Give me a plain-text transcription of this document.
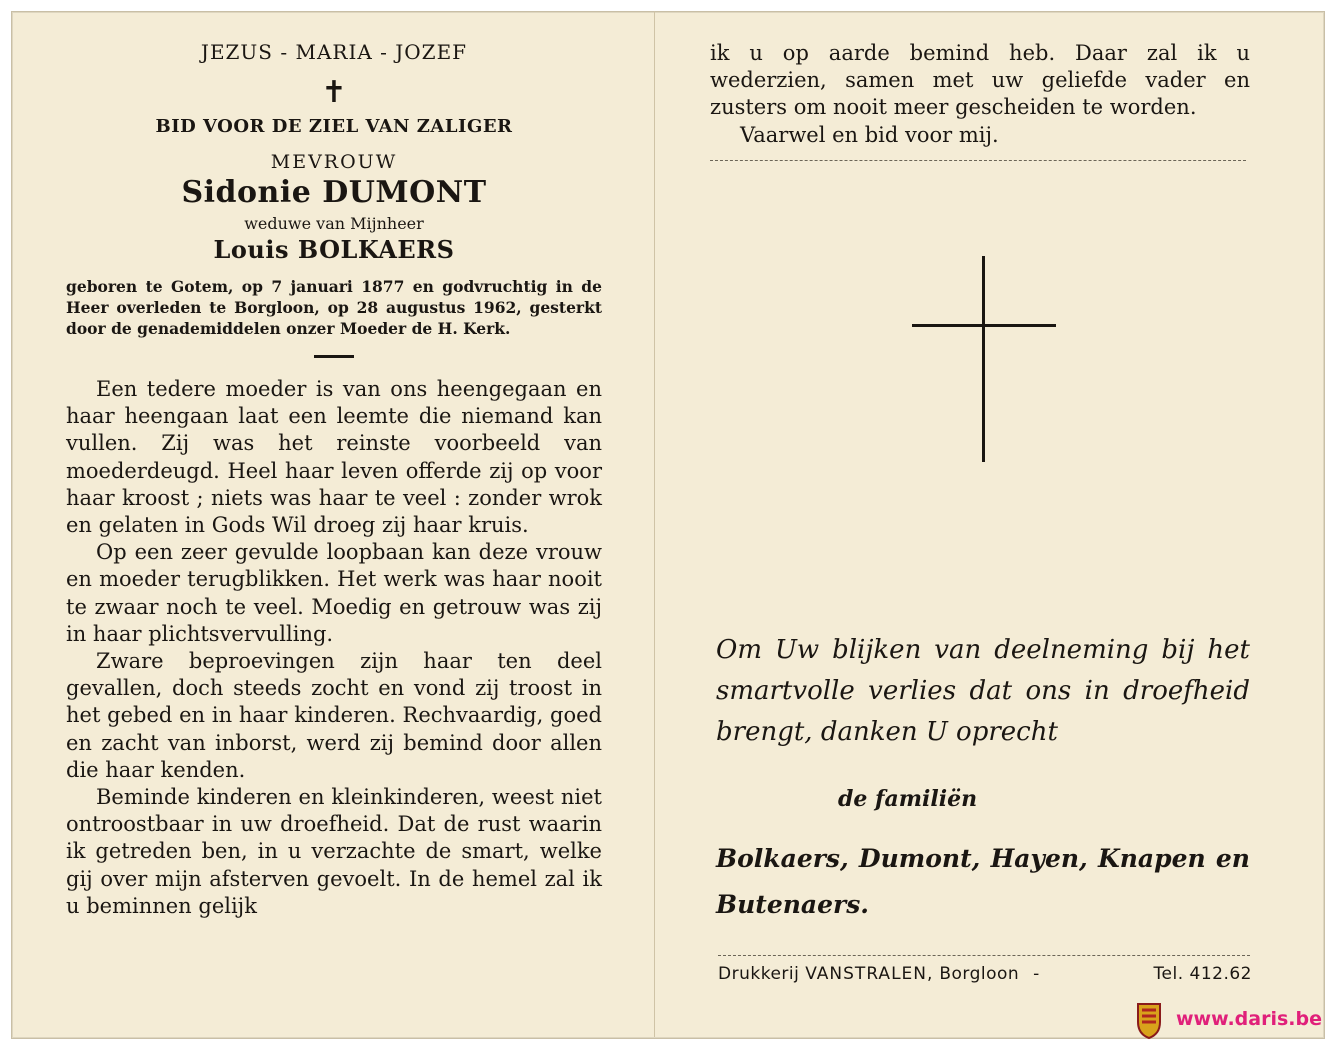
JEZUS - MARIA - JOZEF
✝
BID VOOR DE ZIEL VAN ZALIGER
MEVROUW
Sidonie DUMONT
weduwe van Mijnheer
Louis BOLKAERS
geboren te Gotem, op 7 januari 1877 en godvruchtig in de Heer overleden te Borgloon, op 28 augustus 1962, gesterkt door de genademiddelen onzer Moeder de H. Kerk.

Een tedere moeder is van ons heengegaan en haar heengaan laat een leemte die niemand kan vullen. Zij was het reinste voorbeeld van moederdeugd. Heel haar leven offerde zij op voor haar kroost ; niets was haar te veel : zonder wrok en gelaten in Gods Wil droeg zij haar kruis.

Op een zeer gevulde loopbaan kan deze vrouw en moeder terugblikken. Het werk was haar nooit te zwaar noch te veel. Moedig en getrouw was zij in haar plichtsvervulling.

Zware beproevingen zijn haar ten deel gevallen, doch steeds zocht en vond zij troost in het gebed en in haar kinderen. Rechvaardig, goed en zacht van inborst, werd zij bemind door allen die haar kenden.

Beminde kinderen en kleinkinderen, weest niet ontroostbaar in uw droefheid. Dat de rust waarin ik getreden ben, in u verzachte de smart, welke gij over mijn afsterven gevoelt. In de hemel zal ik u beminnen gelijk

ik u op aarde bemind heb. Daar zal ik u wederzien, samen met uw geliefde vader en zusters om nooit meer gescheiden te worden.

Vaarwel en bid voor mij.

Om Uw blijken van deelneming bij het smartvolle verlies dat ons in droefheid brengt, danken U oprecht
de familiën
Bolkaers, Dumont, Hayen, Knapen en Butenaers.
Drukkerij VANSTRALEN, Borgloon -	Tel. 412.62
www.daris.be
